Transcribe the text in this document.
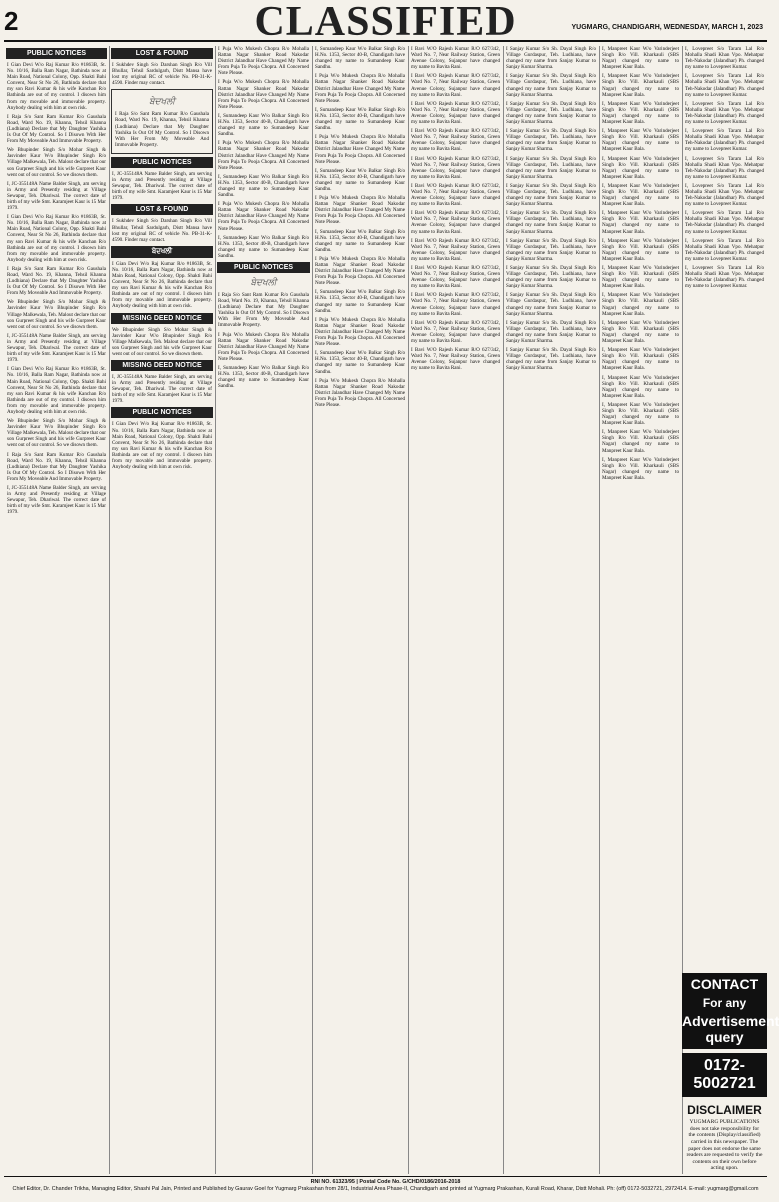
2	CLASSIFIED	YUGMARG, CHANDIGARH, WEDNESDAY, MARCH 1, 2023
PUBLIC NOTICES

I Gian Devi W/o Raj Kumar R/o #1863B, St. No. 10/16, Balla Ram Nagar, Bathinda now at Main Road, National Colony, Opp. Shakti Bahi Convent, Near St No 26, Bathinda declare that my son Ravi Kumar & his wife Kanchan R/o Bathinda are out of my control. I disown him from my movable and immovable property. Anybody dealing with him at own risk.

I Raja S/o Sant Ram Kumar R/o Gaushala Road, Ward No. 19, Khanna, Tehsil Khanna (Ludhiana) Declare that My Daughter Yashika Is Out Of My Control. So I Disown With Her From My Moveable And Immovable Property.

We Bhupinder Singh S/o Mohar Singh & Jasvinder Kaur W/o Bhupinder Singh R/o Village Malkewala, Teh. Malout declare that our son Gurpreet Singh and his wife Gurpreet Kaur went out of our control. So we disown them.

I, JC-355148A Name Balder Singh, am serving in Army and Presently residing at Village Sewapur, Teh. Dhariwal. The correct date of birth of my wife Smt. Karamjeet Kaur is 15 Mar 1979.

I Gian Devi W/o Raj Kumar R/o #1863B, St. No. 10/16, Balla Ram Nagar, Bathinda now at Main Road, National Colony, Opp. Shakti Bahi Convent, Near St No 26, Bathinda declare that my son Ravi Kumar & his wife Kanchan R/o Bathinda are out of my control. I disown him from my movable and immovable property. Anybody dealing with him at own risk.

I Raja S/o Sant Ram Kumar R/o Gaushala Road, Ward No. 19, Khanna, Tehsil Khanna (Ludhiana) Declare that My Daughter Yashika Is Out Of My Control. So I Disown With Her From My Moveable And Immovable Property.

We Bhupinder Singh S/o Mohar Singh & Jasvinder Kaur W/o Bhupinder Singh R/o Village Malkewala, Teh. Malout declare that our son Gurpreet Singh and his wife Gurpreet Kaur went out of our control. So we disown them.

I, JC-355148A Name Balder Singh, am serving in Army and Presently residing at Village Sewapur, Teh. Dhariwal. The correct date of birth of my wife Smt. Karamjeet Kaur is 15 Mar 1979.

I Gian Devi W/o Raj Kumar R/o #1863B, St. No. 10/16, Balla Ram Nagar, Bathinda now at Main Road, National Colony, Opp. Shakti Bahi Convent, Near St No 26, Bathinda declare that my son Ravi Kumar & his wife Kanchan R/o Bathinda are out of my control. I disown him from my movable and immovable property. Anybody dealing with him at own risk.

We Bhupinder Singh S/o Mohar Singh & Jasvinder Kaur W/o Bhupinder Singh R/o Village Malkewala, Teh. Malout declare that our son Gurpreet Singh and his wife Gurpreet Kaur went out of our control. So we disown them.

I Raja S/o Sant Ram Kumar R/o Gaushala Road, Ward No. 19, Khanna, Tehsil Khanna (Ludhiana) Declare that My Daughter Yashika Is Out Of My Control. So I Disown With Her From My Moveable And Immovable Property.

I, JC-355148A Name Balder Singh, am serving in Army and Presently residing at Village Sewapur, Teh. Dhariwal. The correct date of birth of my wife Smt. Karamjeet Kaur is 15 Mar 1979.

LOST & FOUND

I Sukhdev Singh S/o Darshan Singh R/o Vill Bhullar, Tehsil Sardulgarh, Distt Mansa have lost my original RC of vehicle No. PB-31-K-4590. Finder may contact.

ਬੇਦਖਲੀ

I Raja S/o Sant Ram Kumar R/o Gaushala Road, Ward No. 19, Khanna, Tehsil Khanna (Ludhiana) Declare that My Daughter Yashika Is Out Of My Control. So I Disown With Her From My Moveable And Immovable Property.

PUBLIC NOTICES

I, JC-355148A Name Balder Singh, am serving in Army and Presently residing at Village Sewapur, Teh. Dhariwal. The correct date of birth of my wife Smt. Karamjeet Kaur is 15 Mar 1979.

LOST & FOUND

I Sukhdev Singh S/o Darshan Singh R/o Vill Bhullar, Tehsil Sardulgarh, Distt Mansa have lost my original RC of vehicle No. PB-31-K-4590. Finder may contact.

ਬੇਦਖਲੀ

I Gian Devi W/o Raj Kumar R/o #1863B, St. No. 10/16, Balla Ram Nagar, Bathinda now at Main Road, National Colony, Opp. Shakti Bahi Convent, Near St No 26, Bathinda declare that my son Ravi Kumar & his wife Kanchan R/o Bathinda are out of my control. I disown him from my movable and immovable property. Anybody dealing with him at own risk.

MISSING DEED NOTICE

We Bhupinder Singh S/o Mohar Singh & Jasvinder Kaur W/o Bhupinder Singh R/o Village Malkewala, Teh. Malout declare that our son Gurpreet Singh and his wife Gurpreet Kaur went out of our control. So we disown them.

MISSING DEED NOTICE

I, JC-355148A Name Balder Singh, am serving in Army and Presently residing at Village Sewapur, Teh. Dhariwal. The correct date of birth of my wife Smt. Karamjeet Kaur is 15 Mar 1979.

PUBLIC NOTICES

I Gian Devi W/o Raj Kumar R/o #1863B, St. No. 10/16, Balla Ram Nagar, Bathinda now at Main Road, National Colony, Opp. Shakti Bahi Convent, Near St No 26, Bathinda declare that my son Ravi Kumar & his wife Kanchan R/o Bathinda are out of my control. I disown him from my movable and immovable property. Anybody dealing with him at own risk.

I Puja W/o Mukesh Chopra R/o Mohalla Rattan Nagar Shanker Road Nakodar District Jalandhar Have Changed My Name From Puja To Pooja Chopra. All Concerned Note Please.

I Puja W/o Mukesh Chopra R/o Mohalla Rattan Nagar Shanker Road Nakodar District Jalandhar Have Changed My Name From Puja To Pooja Chopra. All Concerned Note Please.

I, Sumandeep Kaur W/o Balkar Singh R/o H.No. 1353, Sector 40-B, Chandigarh have changed my name to Sumandeep Kaur Sandhu.

I Puja W/o Mukesh Chopra R/o Mohalla Rattan Nagar Shanker Road Nakodar District Jalandhar Have Changed My Name From Puja To Pooja Chopra. All Concerned Note Please.

I, Sumandeep Kaur W/o Balkar Singh R/o H.No. 1353, Sector 40-B, Chandigarh have changed my name to Sumandeep Kaur Sandhu.

I Puja W/o Mukesh Chopra R/o Mohalla Rattan Nagar Shanker Road Nakodar District Jalandhar Have Changed My Name From Puja To Pooja Chopra. All Concerned Note Please.

I, Sumandeep Kaur W/o Balkar Singh R/o H.No. 1353, Sector 40-B, Chandigarh have changed my name to Sumandeep Kaur Sandhu.

PUBLIC NOTICES
ਬੇਦਖਲੀ

I Raja S/o Sant Ram Kumar R/o Gaushala Road, Ward No. 19, Khanna, Tehsil Khanna (Ludhiana) Declare that My Daughter Yashika Is Out Of My Control. So I Disown With Her From My Moveable And Immovable Property.

I Puja W/o Mukesh Chopra R/o Mohalla Rattan Nagar Shanker Road Nakodar District Jalandhar Have Changed My Name From Puja To Pooja Chopra. All Concerned Note Please.

I, Sumandeep Kaur W/o Balkar Singh R/o H.No. 1353, Sector 40-B, Chandigarh have changed my name to Sumandeep Kaur Sandhu.

I, Sumandeep Kaur W/o Balkar Singh R/o H.No. 1353, Sector 40-B, Chandigarh have changed my name to Sumandeep Kaur Sandhu.

I Puja W/o Mukesh Chopra R/o Mohalla Rattan Nagar Shanker Road Nakodar District Jalandhar Have Changed My Name From Puja To Pooja Chopra. All Concerned Note Please.

I, Sumandeep Kaur W/o Balkar Singh R/o H.No. 1353, Sector 40-B, Chandigarh have changed my name to Sumandeep Kaur Sandhu.

I Puja W/o Mukesh Chopra R/o Mohalla Rattan Nagar Shanker Road Nakodar District Jalandhar Have Changed My Name From Puja To Pooja Chopra. All Concerned Note Please.

I, Sumandeep Kaur W/o Balkar Singh R/o H.No. 1353, Sector 40-B, Chandigarh have changed my name to Sumandeep Kaur Sandhu.

I Puja W/o Mukesh Chopra R/o Mohalla Rattan Nagar Shanker Road Nakodar District Jalandhar Have Changed My Name From Puja To Pooja Chopra. All Concerned Note Please.

I, Sumandeep Kaur W/o Balkar Singh R/o H.No. 1353, Sector 40-B, Chandigarh have changed my name to Sumandeep Kaur Sandhu.

I Puja W/o Mukesh Chopra R/o Mohalla Rattan Nagar Shanker Road Nakodar District Jalandhar Have Changed My Name From Puja To Pooja Chopra. All Concerned Note Please.

I, Sumandeep Kaur W/o Balkar Singh R/o H.No. 1353, Sector 40-B, Chandigarh have changed my name to Sumandeep Kaur Sandhu.

I Puja W/o Mukesh Chopra R/o Mohalla Rattan Nagar Shanker Road Nakodar District Jalandhar Have Changed My Name From Puja To Pooja Chopra. All Concerned Note Please.

I, Sumandeep Kaur W/o Balkar Singh R/o H.No. 1353, Sector 40-B, Chandigarh have changed my name to Sumandeep Kaur Sandhu.

I Puja W/o Mukesh Chopra R/o Mohalla Rattan Nagar Shanker Road Nakodar District Jalandhar Have Changed My Name From Puja To Pooja Chopra. All Concerned Note Please.

I Bavi W/O Rajesh Kumar R/O 627/342, Ward No. 7, Near Railway Station, Green Avenue Colony, Sujanpur have changed my name to Bavita Rani.

I Bavi W/O Rajesh Kumar R/O 627/342, Ward No. 7, Near Railway Station, Green Avenue Colony, Sujanpur have changed my name to Bavita Rani.

I Bavi W/O Rajesh Kumar R/O 627/342, Ward No. 7, Near Railway Station, Green Avenue Colony, Sujanpur have changed my name to Bavita Rani.

I Bavi W/O Rajesh Kumar R/O 627/342, Ward No. 7, Near Railway Station, Green Avenue Colony, Sujanpur have changed my name to Bavita Rani.

I Bavi W/O Rajesh Kumar R/O 627/342, Ward No. 7, Near Railway Station, Green Avenue Colony, Sujanpur have changed my name to Bavita Rani.

I Bavi W/O Rajesh Kumar R/O 627/342, Ward No. 7, Near Railway Station, Green Avenue Colony, Sujanpur have changed my name to Bavita Rani.

I Bavi W/O Rajesh Kumar R/O 627/342, Ward No. 7, Near Railway Station, Green Avenue Colony, Sujanpur have changed my name to Bavita Rani.

I Bavi W/O Rajesh Kumar R/O 627/342, Ward No. 7, Near Railway Station, Green Avenue Colony, Sujanpur have changed my name to Bavita Rani.

I Bavi W/O Rajesh Kumar R/O 627/342, Ward No. 7, Near Railway Station, Green Avenue Colony, Sujanpur have changed my name to Bavita Rani.

I Bavi W/O Rajesh Kumar R/O 627/342, Ward No. 7, Near Railway Station, Green Avenue Colony, Sujanpur have changed my name to Bavita Rani.

I Bavi W/O Rajesh Kumar R/O 627/342, Ward No. 7, Near Railway Station, Green Avenue Colony, Sujanpur have changed my name to Bavita Rani.

I Bavi W/O Rajesh Kumar R/O 627/342, Ward No. 7, Near Railway Station, Green Avenue Colony, Sujanpur have changed my name to Bavita Rani.

I Sanjay Kumar S/o Sh. Dayal Singh R/o Village Gurdaspur, Teh. Ludhiana, have changed my name from Sanjay Kumar to Sanjay Kumar Sharma.

I Sanjay Kumar S/o Sh. Dayal Singh R/o Village Gurdaspur, Teh. Ludhiana, have changed my name from Sanjay Kumar to Sanjay Kumar Sharma.

I Sanjay Kumar S/o Sh. Dayal Singh R/o Village Gurdaspur, Teh. Ludhiana, have changed my name from Sanjay Kumar to Sanjay Kumar Sharma.

I Sanjay Kumar S/o Sh. Dayal Singh R/o Village Gurdaspur, Teh. Ludhiana, have changed my name from Sanjay Kumar to Sanjay Kumar Sharma.

I Sanjay Kumar S/o Sh. Dayal Singh R/o Village Gurdaspur, Teh. Ludhiana, have changed my name from Sanjay Kumar to Sanjay Kumar Sharma.

I Sanjay Kumar S/o Sh. Dayal Singh R/o Village Gurdaspur, Teh. Ludhiana, have changed my name from Sanjay Kumar to Sanjay Kumar Sharma.

I Sanjay Kumar S/o Sh. Dayal Singh R/o Village Gurdaspur, Teh. Ludhiana, have changed my name from Sanjay Kumar to Sanjay Kumar Sharma.

I Sanjay Kumar S/o Sh. Dayal Singh R/o Village Gurdaspur, Teh. Ludhiana, have changed my name from Sanjay Kumar to Sanjay Kumar Sharma.

I Sanjay Kumar S/o Sh. Dayal Singh R/o Village Gurdaspur, Teh. Ludhiana, have changed my name from Sanjay Kumar to Sanjay Kumar Sharma.

I Sanjay Kumar S/o Sh. Dayal Singh R/o Village Gurdaspur, Teh. Ludhiana, have changed my name from Sanjay Kumar to Sanjay Kumar Sharma.

I Sanjay Kumar S/o Sh. Dayal Singh R/o Village Gurdaspur, Teh. Ludhiana, have changed my name from Sanjay Kumar to Sanjay Kumar Sharma.

I Sanjay Kumar S/o Sh. Dayal Singh R/o Village Gurdaspur, Teh. Ludhiana, have changed my name from Sanjay Kumar to Sanjay Kumar Sharma.

I, Manpreet Kaur W/o Varinderjeet Singh R/o Vill. Kharkauli (SBS Nagar) changed my name to Manpreet Kaur Bala.

I, Manpreet Kaur W/o Varinderjeet Singh R/o Vill. Kharkauli (SBS Nagar) changed my name to Manpreet Kaur Bala.

I, Manpreet Kaur W/o Varinderjeet Singh R/o Vill. Kharkauli (SBS Nagar) changed my name to Manpreet Kaur Bala.

I, Manpreet Kaur W/o Varinderjeet Singh R/o Vill. Kharkauli (SBS Nagar) changed my name to Manpreet Kaur Bala.

I, Manpreet Kaur W/o Varinderjeet Singh R/o Vill. Kharkauli (SBS Nagar) changed my name to Manpreet Kaur Bala.

I, Manpreet Kaur W/o Varinderjeet Singh R/o Vill. Kharkauli (SBS Nagar) changed my name to Manpreet Kaur Bala.

I, Manpreet Kaur W/o Varinderjeet Singh R/o Vill. Kharkauli (SBS Nagar) changed my name to Manpreet Kaur Bala.

I, Manpreet Kaur W/o Varinderjeet Singh R/o Vill. Kharkauli (SBS Nagar) changed my name to Manpreet Kaur Bala.

I, Manpreet Kaur W/o Varinderjeet Singh R/o Vill. Kharkauli (SBS Nagar) changed my name to Manpreet Kaur Bala.

I, Manpreet Kaur W/o Varinderjeet Singh R/o Vill. Kharkauli (SBS Nagar) changed my name to Manpreet Kaur Bala.

I, Manpreet Kaur W/o Varinderjeet Singh R/o Vill. Kharkauli (SBS Nagar) changed my name to Manpreet Kaur Bala.

I, Manpreet Kaur W/o Varinderjeet Singh R/o Vill. Kharkauli (SBS Nagar) changed my name to Manpreet Kaur Bala.

I, Manpreet Kaur W/o Varinderjeet Singh R/o Vill. Kharkauli (SBS Nagar) changed my name to Manpreet Kaur Bala.

I, Manpreet Kaur W/o Varinderjeet Singh R/o Vill. Kharkauli (SBS Nagar) changed my name to Manpreet Kaur Bala.

I, Manpreet Kaur W/o Varinderjeet Singh R/o Vill. Kharkauli (SBS Nagar) changed my name to Manpreet Kaur Bala.

I, Manpreet Kaur W/o Varinderjeet Singh R/o Vill. Kharkauli (SBS Nagar) changed my name to Manpreet Kaur Bala.

I, Lovepreet S/o Taram Lal R/o Mohalla Shadi Khan Vpo. Mehatpur Teh-Nakodar (Jalandhar) Ph. changed my name to Lovepreet Kumar.

I, Lovepreet S/o Taram Lal R/o Mohalla Shadi Khan Vpo. Mehatpur Teh-Nakodar (Jalandhar) Ph. changed my name to Lovepreet Kumar.

I, Lovepreet S/o Taram Lal R/o Mohalla Shadi Khan Vpo. Mehatpur Teh-Nakodar (Jalandhar) Ph. changed my name to Lovepreet Kumar.

I, Lovepreet S/o Taram Lal R/o Mohalla Shadi Khan Vpo. Mehatpur Teh-Nakodar (Jalandhar) Ph. changed my name to Lovepreet Kumar.

I, Lovepreet S/o Taram Lal R/o Mohalla Shadi Khan Vpo. Mehatpur Teh-Nakodar (Jalandhar) Ph. changed my name to Lovepreet Kumar.

I, Lovepreet S/o Taram Lal R/o Mohalla Shadi Khan Vpo. Mehatpur Teh-Nakodar (Jalandhar) Ph. changed my name to Lovepreet Kumar.

I, Lovepreet S/o Taram Lal R/o Mohalla Shadi Khan Vpo. Mehatpur Teh-Nakodar (Jalandhar) Ph. changed my name to Lovepreet Kumar.

I, Lovepreet S/o Taram Lal R/o Mohalla Shadi Khan Vpo. Mehatpur Teh-Nakodar (Jalandhar) Ph. changed my name to Lovepreet Kumar.

I, Lovepreet S/o Taram Lal R/o Mohalla Shadi Khan Vpo. Mehatpur Teh-Nakodar (Jalandhar) Ph. changed my name to Lovepreet Kumar.

CONTACT
For any
Advertisement query
0172-5002721
DISCLAIMER
YUGMARG PUBLICATIONS does not take responsibility for the contents (Display/classified) carried in this newspaper. The paper does not endorse the same readers are requested to verify the contents on their own before acting upon.
RNI NO. 61323/95 | Postal Code No. G/CHD/0186/2016-2018
Chief Editor, Dr. Chander Trikha, Managing Editor, Shashi Pal Jain, Printed and Published by Gaurav Goel for Yugmarg Prakashan from 28/1, Industrial Area Phase-II, Chandigarh and printed at Yugmarg Prakashan, Kurali Road, Kharar, Distt Mohali. Ph: (off) 0172-5032721, 2972414. E-mail: yugmarg@gmail.com
